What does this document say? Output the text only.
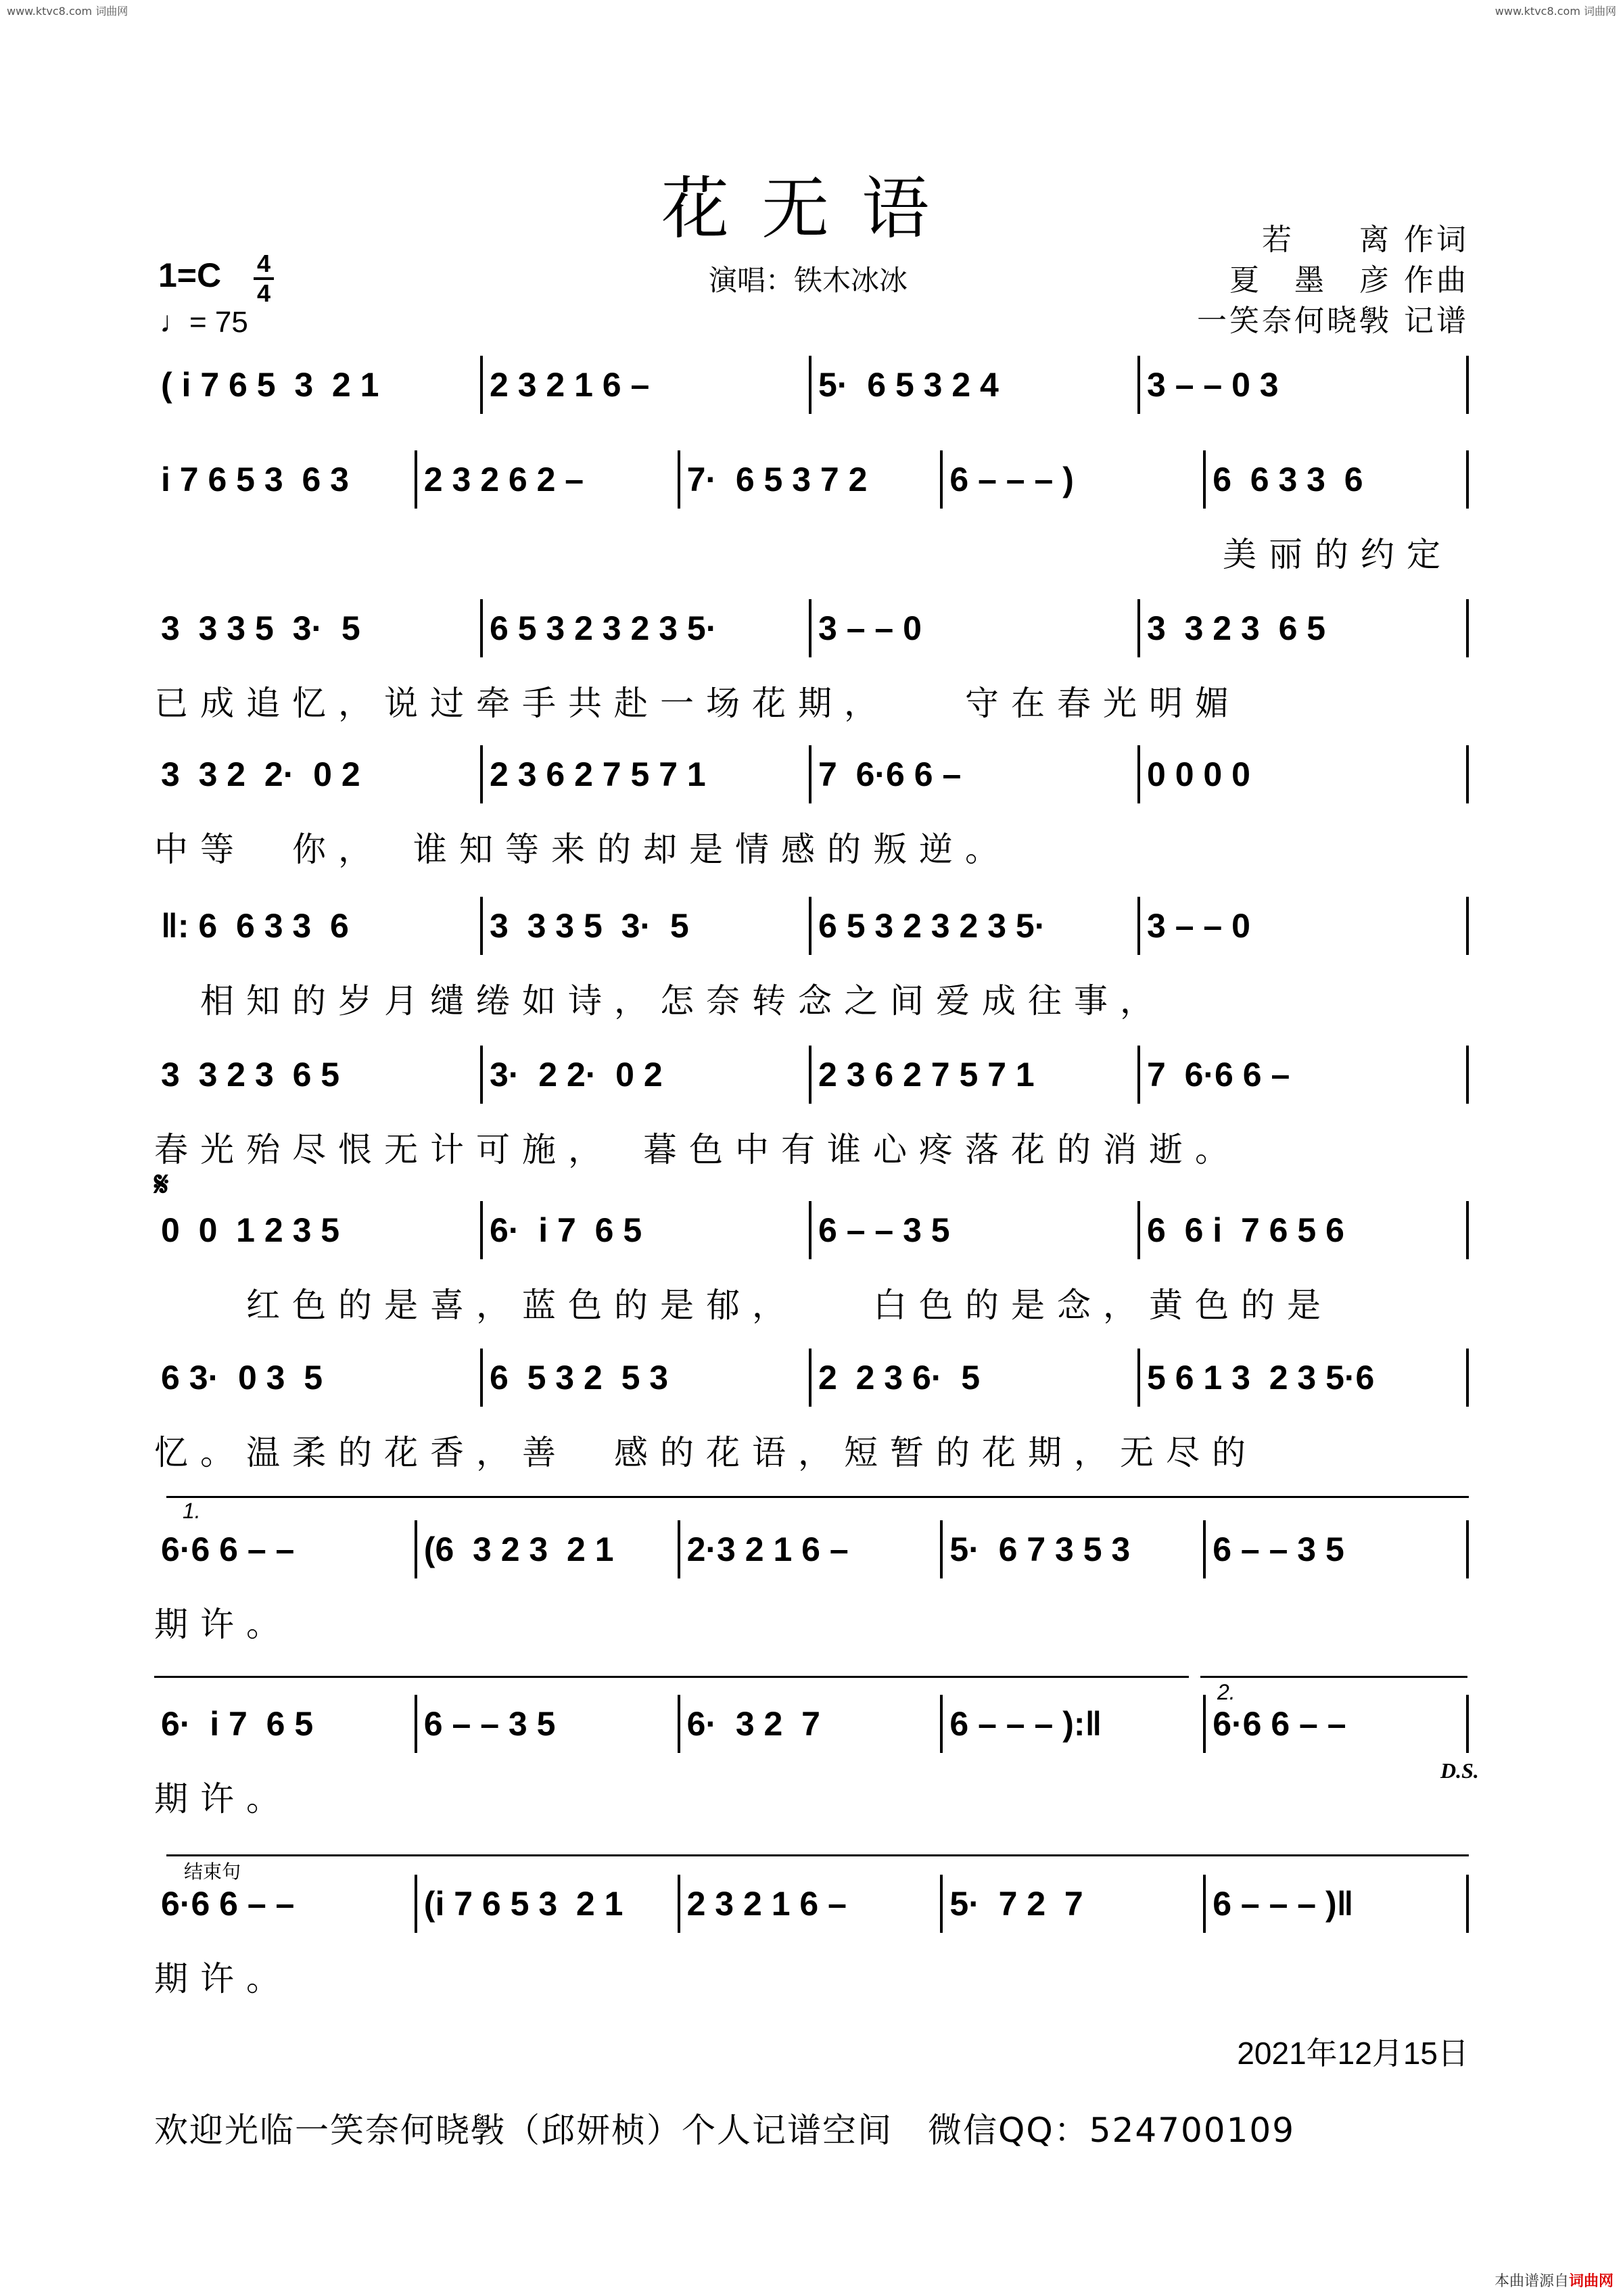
www.ktvc8.com 词曲网	www.ktvc8.com 词曲网
花无语	若　　离 作词
夏　墨　彦 作曲
一笑奈何晓斅 记谱
1=C 4
4
♩= 75
演唱：铁木冰冰
( i 7 6 5  3  2 1	2 3 2 1 6 –	5·  6 5 3 2 4	3 – – 0 3
i 7 6 5 3  6 3 2 3 2 6 2 –	7·  6 5 3 7 2 6 – – – )	6  6 3 3  6
美丽的约定
3  3 3 5  3·  5	6 5 3 2 3 2 3 5·	3 – – 0	3  3 2 3  6 5
已成追忆，说过牵手共赴一场花期，　　守在春光明媚
3  3 2  2·  0 2	2 3 6 2 7 5 7 1	7  6·6 6 –	0 0 0 0
中等　你，　谁知等来的却是情感的叛逆。
‖: 6  6 3 3  6	3  3 3 5  3·  5	6 5 3 2 3 2 3 5·	3 – – 0
　相知的岁月缱绻如诗，怎奈转念之间爱成往事，
3  3 2 3  6 5	3·  2 2·  0 2	2 3 6 2 7 5 7 1	7  6·6 6 –
春光殆尽恨无计可施，　暮色中有谁心疼落花的消逝。
0  0  1 2 3 5	6·  i 7  6 5	6 – – 3 5	6  6 i  7 6 5 6
　　红色的是喜，蓝色的是郁，　　白色的是念，黄色的是
6 3·  0 3  5	6  5 3 2  5 3	2  2 3 6·  5	5 6 1 3  2 3 5·6
忆。温柔的花香，善　感的花语，短暂的花期，无尽的
6·6 6 – –	(6  3 2 3  2 1 2·3 2 1 6 –	5·  6 7 3 5 3 6 – – 3 5
期许。
6·  i 7  6 5	6 – – 3 5	6·  3 2  7	6 – – – ):‖	6·6 6 – –
期许。
6·6 6 – –	(i 7 6 5 3  2 1 2 3 2 1 6 –	5·  7 2  7	6 – – – )‖
期许。
𝄋
1.
2.
D.S.
结束句
2021年12月15日
欢迎光临一笑奈何晓斅（邱妍桢）个人记谱空间　微信QQ：524700109
本曲谱源自词曲网
